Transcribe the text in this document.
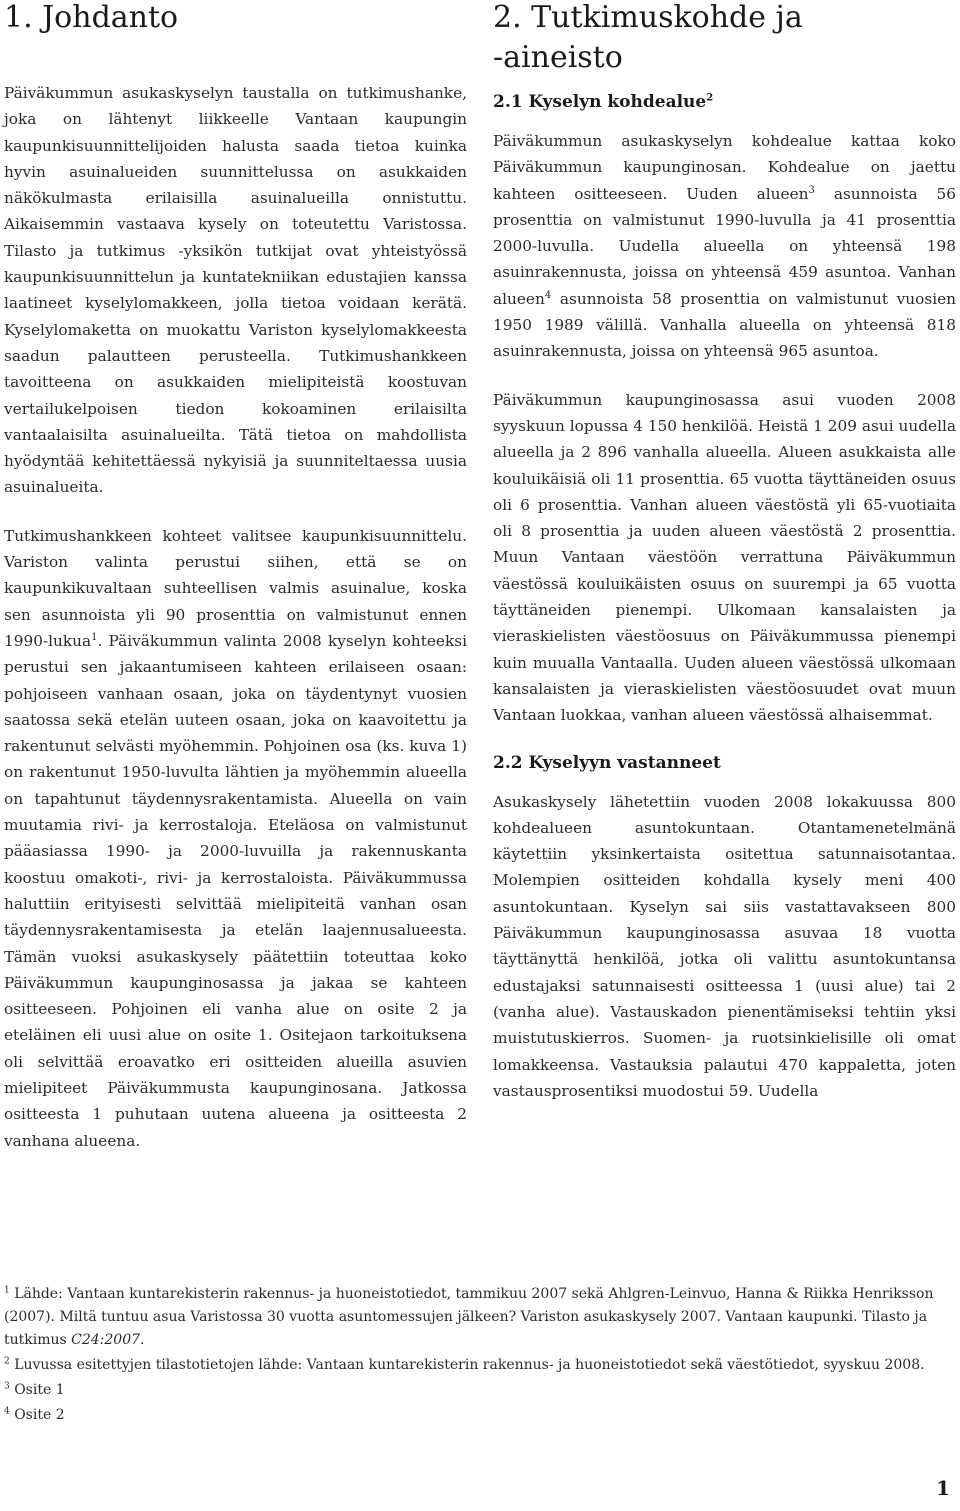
1. Johdanto

Päiväkummun asukaskyselyn taustalla on tutkimushanke, joka on lähtenyt liikkeelle Vantaan kaupungin kaupunkisuunnittelijoiden halusta saada tietoa kuinka hyvin asuinalueiden suunnittelussa on asukkaiden näkökulmasta erilaisilla asuinalueilla onnistuttu. Aikaisemmin vastaava kysely on toteutettu Varistossa. Tilasto ja tutkimus -yksikön tutkijat ovat yhteistyössä kaupunkisuunnittelun ja kuntatekniikan edustajien kanssa laatineet kyselylomakkeen, jolla tietoa voidaan kerätä. Kyselylomaketta on muokattu Variston kyselylomakkeesta saadun palautteen perusteella. Tutkimushankkeen tavoitteena on asukkaiden mielipiteistä koostuvan vertailukelpoisen tiedon kokoaminen erilaisilta vantaalaisilta asuinalueilta. Tätä tietoa on mahdollista hyödyntää kehitettäessä nykyisiä ja suunniteltaessa uusia asuinalueita.

Tutkimushankkeen kohteet valitsee kaupunkisuunnittelu. Variston valinta perustui siihen, että se on kaupunkikuvaltaan suhteellisen valmis asuinalue, koska sen asunnoista yli 90 prosenttia on valmistunut ennen 1990-lukua$^1$. Päiväkummun valinta 2008 kyselyn kohteeksi perustui sen jakaantumiseen kahteen erilaiseen osaan: pohjoiseen vanhaan osaan, joka on täydentynyt vuosien saatossa sekä etelän uuteen osaan, joka on kaavoitettu ja rakentunut selvästi myöhemmin. Pohjoinen osa (ks. kuva 1) on rakentunut 1950-luvulta lähtien ja myöhemmin alueella on tapahtunut täydennysrakentamista. Alueella on vain muutamia rivi- ja kerrostaloja. Eteläosa on valmistunut pääasiassa 1990- ja 2000-luvuilla ja rakennuskanta koostuu omakoti-, rivi- ja kerrostaloista. Päiväkummussa haluttiin erityisesti selvittää mielipiteitä vanhan osan täydennysrakentamisesta ja etelän laajennusalueesta. Tämän vuoksi asukaskysely päätettiin toteuttaa koko Päiväkummun kaupunginosassa ja jakaa se kahteen ositteeseen. Pohjoinen eli vanha alue on osite 2 ja eteläinen eli uusi alue on osite 1. Ositejaon tarkoituksena oli selvittää eroavatko eri ositteiden alueilla asuvien mielipiteet Päiväkummusta kaupunginosana. Jatkossa ositteesta 1 puhutaan uutena alueena ja ositteesta 2 vanhana alueena.

2. Tutkimuskohde ja
-aineisto
2.1 Kyselyn kohdealue$^2$

Päiväkummun asukaskyselyn kohdealue kattaa koko Päiväkummun kaupunginosan. Kohdealue on jaettu kahteen ositteeseen. Uuden alueen$^3$ asunnoista 56 prosenttia on valmistunut 1990-luvulla ja 41 prosenttia 2000-luvulla. Uudella alueella on yhteensä 198 asuinrakennusta, joissa on yhteensä 459 asuntoa. Vanhan alueen$^4$ asunnoista 58 prosenttia on valmistunut vuosien 1950 1989 välillä. Vanhalla alueella on yhteensä 818 asuinrakennusta, joissa on yhteensä 965 asuntoa.

Päiväkummun kaupunginosassa asui vuoden 2008 syyskuun lopussa 4 150 henkilöä. Heistä 1 209 asui uudella alueella ja 2 896 vanhalla alueella. Alueen asukkaista alle kouluikäisiä oli 11 prosenttia. 65 vuotta täyttäneiden osuus oli 6 prosenttia. Vanhan alueen väestöstä yli 65-vuotiaita oli 8 prosenttia ja uuden alueen väestöstä 2 prosenttia. Muun Vantaan väestöön verrattuna Päiväkummun väestössä kouluikäisten osuus on suurempi ja 65 vuotta täyttäneiden pienempi. Ulkomaan kansalaisten ja vieraskielisten väestöosuus on Päiväkummussa pienempi kuin muualla Vantaalla. Uuden alueen väestössä ulkomaan kansalaisten ja vieraskielisten väestöosuudet ovat muun Vantaan luokkaa, vanhan alueen väestössä alhaisemmat.

2.2 Kyselyyn vastanneet

Asukaskysely lähetettiin vuoden 2008 lokakuussa 800 kohdealueen asuntokuntaan. Otantamenetelmänä käytettiin yksinkertaista ositettua satunnaisotantaa. Molempien ositteiden kohdalla kysely meni 400 asuntokuntaan. Kyselyn sai siis vastattavakseen 800 Päiväkummun kaupunginosassa asuvaa 18 vuotta täyttänyttä henkilöä, jotka oli valittu asuntokuntansa edustajaksi satunnaisesti ositteessa 1 (uusi alue) tai 2 (vanha alue). Vastauskadon pienentämiseksi tehtiin yksi muistutuskierros. Suomen- ja ruotsinkielisille oli omat lomakkeensa. Vastauksia palautui 470 kappaletta, joten vastausprosentiksi muodostui 59. Uudella

$^1$ Lähde: Vantaan kuntarekisterin rakennus- ja huoneistotiedot, tammikuu 2007 sekä Ahlgren-Leinvuo, Hanna & Riikka Henriksson (2007). Miltä tuntuu asua Varistossa 30 vuotta asuntomessujen jälkeen? Variston asukaskysely 2007. Vantaan kaupunki. Tilasto ja tutkimus C24:2007.

$^2$ Luvussa esitettyjen tilastotietojen lähde: Vantaan kuntarekisterin rakennus- ja huoneistotiedot sekä väestötiedot, syyskuu 2008.

$^3$ Osite 1

$^4$ Osite 2

1
